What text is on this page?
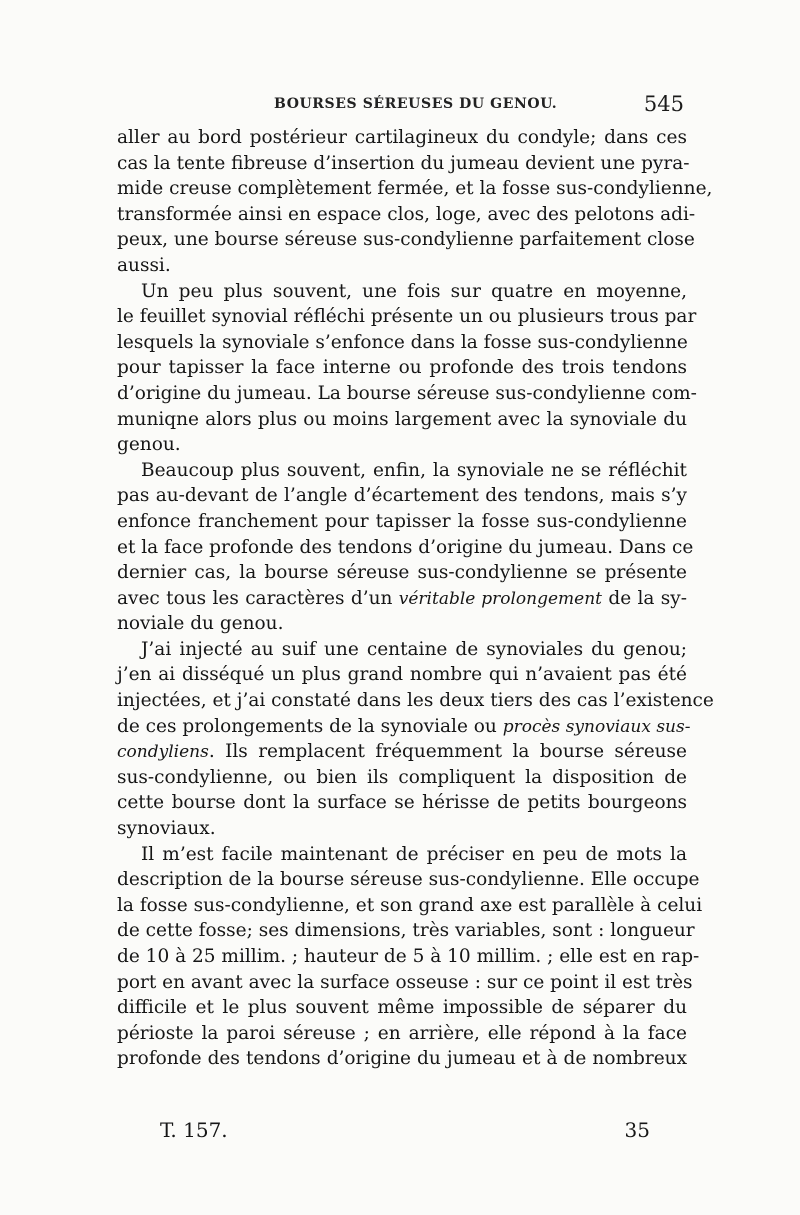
BOURSES SÉREUSES DU GENOU.	545
aller au bord postérieur cartilagineux du condyle; dans ces
cas la tente fibreuse d’insertion du jumeau devient une pyra-
mide creuse complètement fermée, et la fosse sus-condylienne,
transformée ainsi en espace clos, loge, avec des pelotons adi-
peux, une bourse séreuse sus-condylienne parfaitement close
aussi.
Un peu plus souvent, une fois sur quatre en moyenne,
le feuillet synovial réfléchi présente un ou plusieurs trous par
lesquels la synoviale s’enfonce dans la fosse sus-condylienne
pour tapisser la face interne ou profonde des trois tendons
d’origine du jumeau. La bourse séreuse sus-condylienne com-
muniqne alors plus ou moins largement avec la synoviale du
genou.
Beaucoup plus souvent, enfin, la synoviale ne se réfléchit
pas au-devant de l’angle d’écartement des tendons, mais s’y
enfonce franchement pour tapisser la fosse sus-condylienne
et la face profonde des tendons d’origine du jumeau. Dans ce
dernier cas, la bourse séreuse sus-condylienne se présente
avec tous les caractères d’un véritable prolongement de la sy-
noviale du genou.
J’ai injecté au suif une centaine de synoviales du genou;
j’en ai disséqué un plus grand nombre qui n’avaient pas été
injectées, et j’ai constaté dans les deux tiers des cas l’existence
de ces prolongements de la synoviale ou procès synoviaux sus-
condyliens. Ils remplacent fréquemment la bourse séreuse
sus-condylienne, ou bien ils compliquent la disposition de
cette bourse dont la surface se hérisse de petits bourgeons
synoviaux.
Il m’est facile maintenant de préciser en peu de mots la
description de la bourse séreuse sus-condylienne. Elle occupe
la fosse sus-condylienne, et son grand axe est parallèle à celui
de cette fosse; ses dimensions, très variables, sont : longueur
de 10 à 25 millim. ; hauteur de 5 à 10 millim. ; elle est en rap-
port en avant avec la surface osseuse : sur ce point il est très
difficile et le plus souvent même impossible de séparer du
périoste la paroi séreuse ; en arrière, elle répond à la face
profonde des tendons d’origine du jumeau et à de nombreux
T. 157.	35
